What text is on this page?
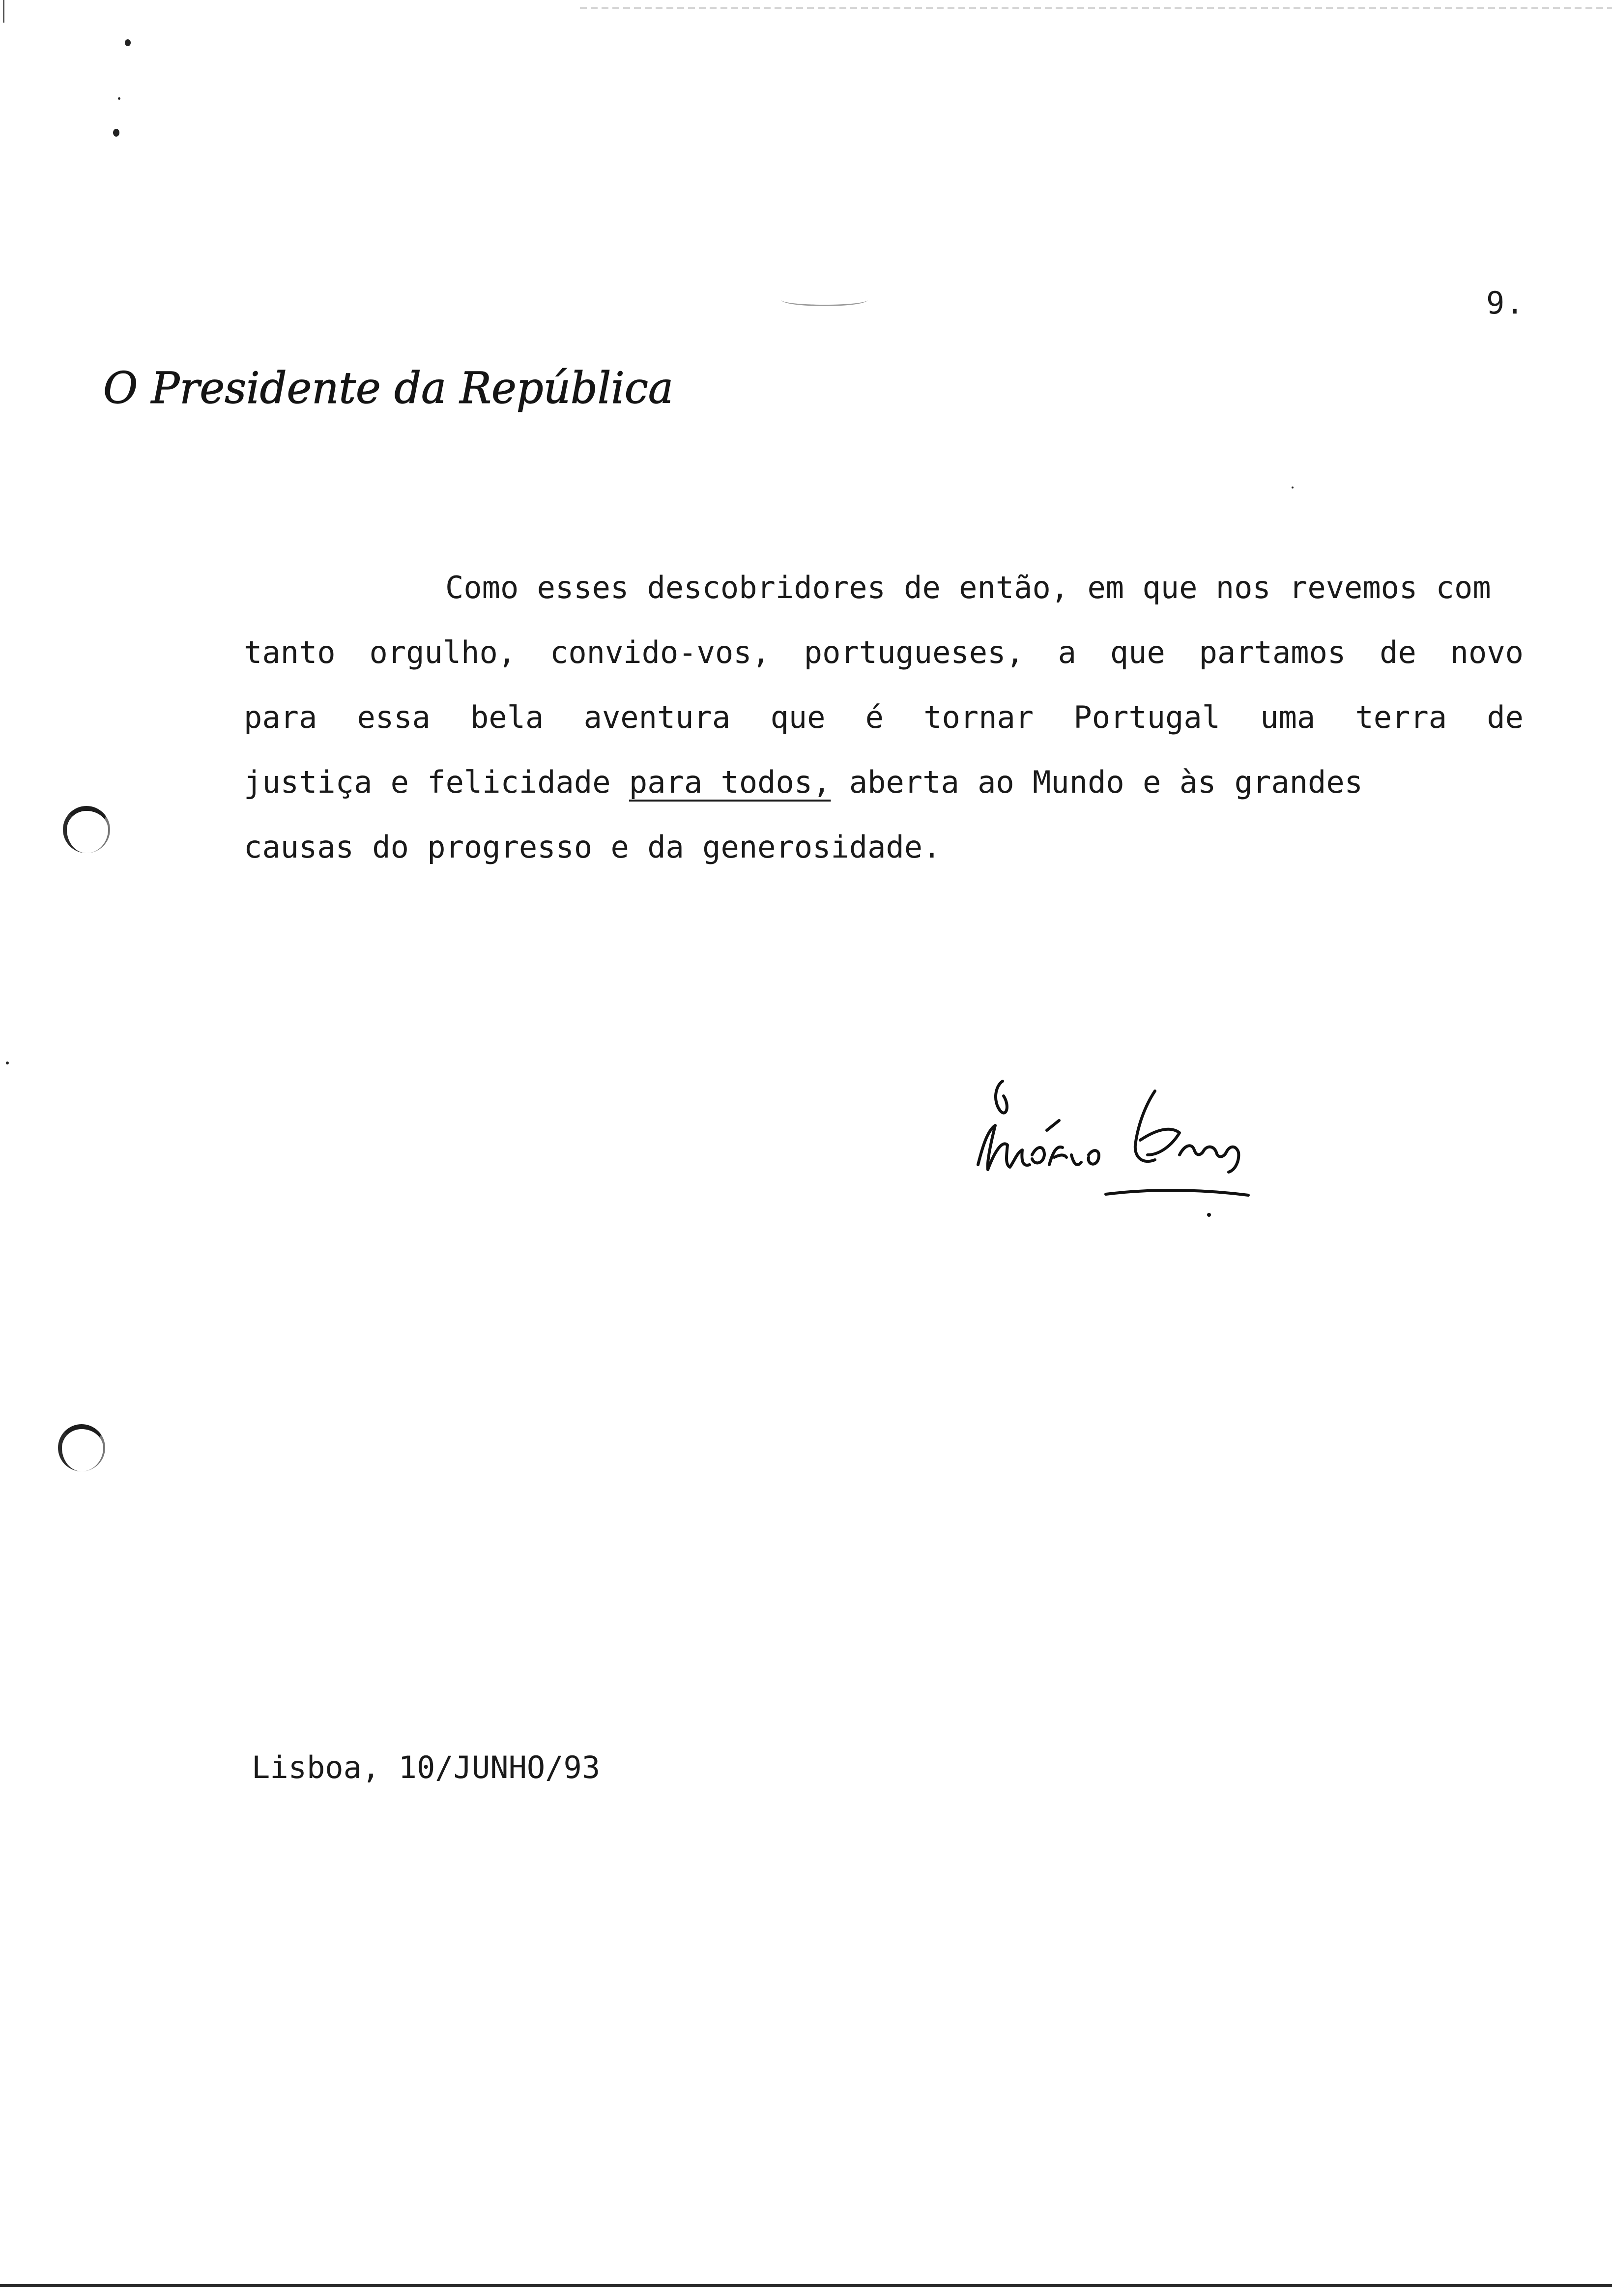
9.
O Presidente da República
Como esses descobridores de então, em que nos revemos com
tanto orgulho, convido-vos, portugueses, a que partamos de novo
para essa bela aventura que é tornar Portugal uma terra de
justiça e felicidade para todos, aberta ao Mundo e às grandes
causas do progresso e da generosidade.
Lisboa, 10/JUNHO/93
